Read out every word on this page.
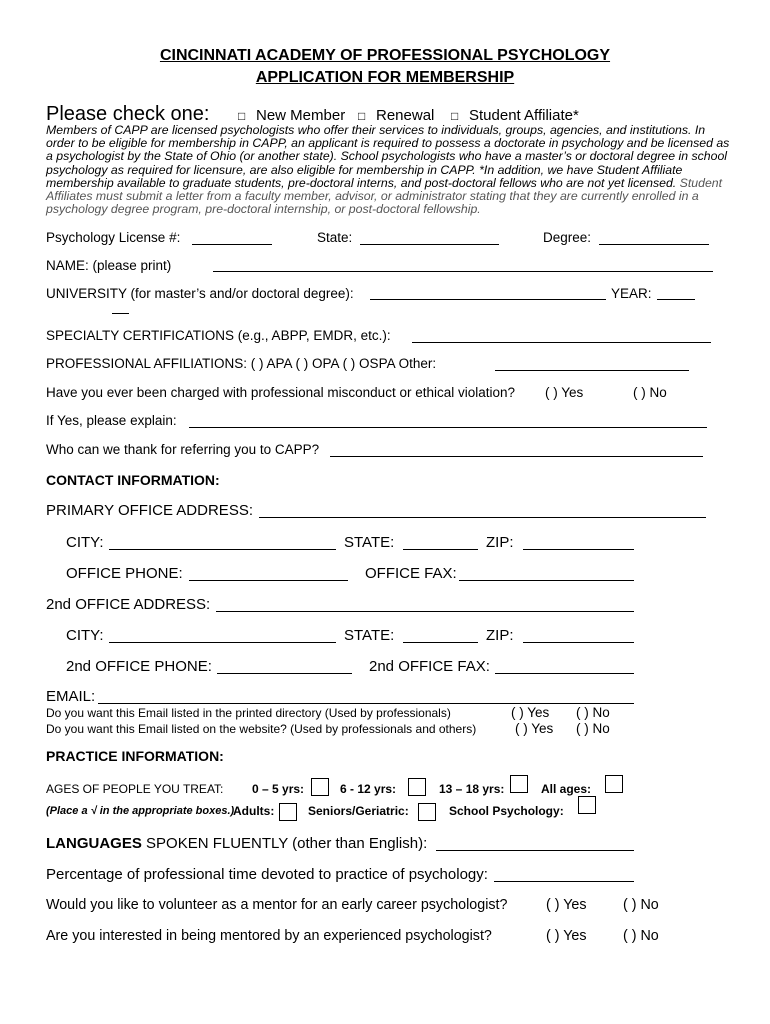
CINCINNATI ACADEMY OF PROFESSIONAL PSYCHOLOGY
APPLICATION FOR MEMBERSHIP
Please check one: □ New Member □ Renewal □ Student Affiliate*
Members of CAPP are licensed psychologists who offer their services to individuals, groups, agencies, and institutions. In order to be eligible for membership in CAPP, an applicant is required to possess a doctorate in psychology and be licensed as a psychologist by the State of Ohio (or another state). School psychologists who have a master’s or doctoral degree in school psychology as required for licensure, are also eligible for membership in CAPP. *In addition, we have Student Affiliate membership available to graduate students, pre-doctoral interns, and post-doctoral fellows who are not yet licensed. Student Affiliates must submit a letter from a faculty member, advisor, or administrator stating that they are currently enrolled in a psychology degree program, pre-doctoral internship, or post-doctoral fellowship.
Psychology License #:	State:	Degree:
NAME: (please print)
UNIVERSITY (for master’s and/or doctoral degree):	YEAR:
SPECIALTY CERTIFICATIONS (e.g., ABPP, EMDR, etc.):
PROFESSIONAL AFFILIATIONS: ( ) APA ( ) OPA ( ) OSPA Other:
Have you ever been charged with professional misconduct or ethical violation? ( ) Yes	( ) No
If Yes, please explain:
Who can we thank for referring you to CAPP?
CONTACT INFORMATION:
PRIMARY OFFICE ADDRESS:
CITY:	STATE:	ZIP:
OFFICE PHONE:	OFFICE FAX:
2nd OFFICE ADDRESS:
CITY:	STATE:	ZIP:
2nd OFFICE PHONE:	2nd OFFICE FAX:
EMAIL:
Do you want this Email listed in the printed directory (Used by professionals)	( ) Yes ( ) No
Do you want this Email listed on the website? (Used by professionals and others)	( ) Yes ( ) No
PRACTICE INFORMATION:
AGES OF PEOPLE YOU TREAT: 0 – 5 yrs:	6 - 12 yrs:	13 – 18 yrs:	All ages:
(Place a √ in the appropriate boxes.)
Adults:	Seniors/Geriatric:	School Psychology:
LANGUAGES SPOKEN FLUENTLY (other than English):
Percentage of professional time devoted to practice of psychology:
Would you like to volunteer as a mentor for an early career psychologist?	( ) Yes	( ) No
Are you interested in being mentored by an experienced psychologist?	( ) Yes	( ) No
